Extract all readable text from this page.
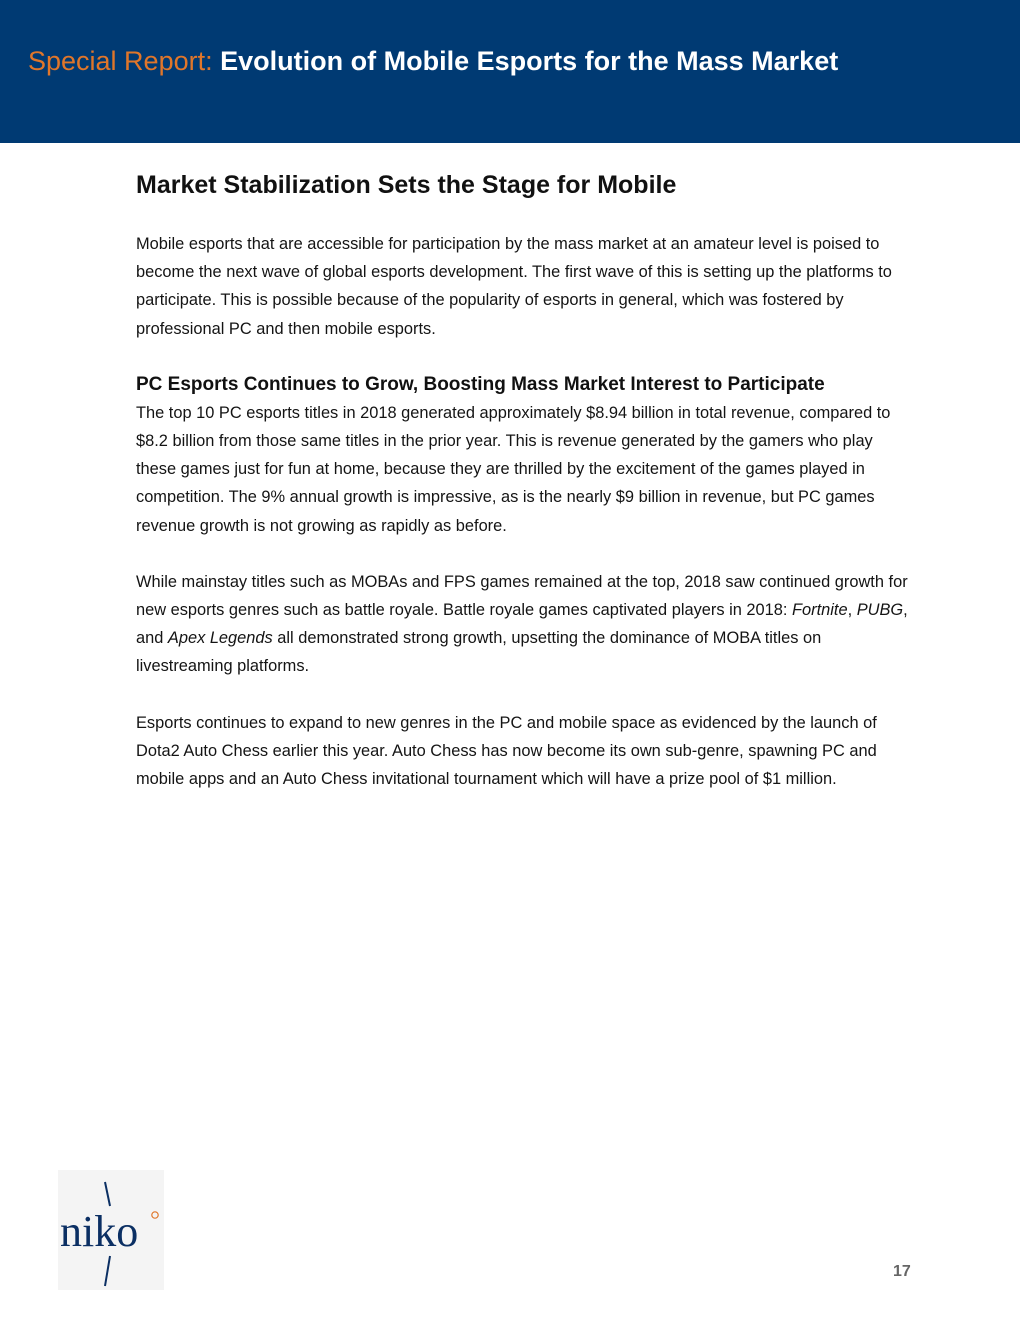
Special Report: Evolution of Mobile Esports for the Mass Market
Market Stabilization Sets the Stage for Mobile

Mobile esports that are accessible for participation by the mass market at an amateur level is poised to become the next wave of global esports development. The first wave of this is setting up the platforms to participate. This is possible because of the popularity of esports in general, which was fostered by professional PC and then mobile esports.

PC Esports Continues to Grow, Boosting Mass Market Interest to Participate

The top 10 PC esports titles in 2018 generated approximately $8.94 billion in total revenue, compared to $8.2 billion from those same titles in the prior year. This is revenue generated by the gamers who play these games just for fun at home, because they are thrilled by the excitement of the games played in competition. The 9% annual growth is impressive, as is the nearly $9 billion in revenue, but PC games revenue growth is not growing as rapidly as before.

While mainstay titles such as MOBAs and FPS games remained at the top, 2018 saw continued growth for new esports genres such as battle royale. Battle royale games captivated players in 2018: Fortnite, PUBG, and Apex Legends all demonstrated strong growth, upsetting the dominance of MOBA titles on livestreaming platforms.

Esports continues to expand to new genres in the PC and mobile space as evidenced by the launch of Dota2 Auto Chess earlier this year. Auto Chess has now become its own sub-genre, spawning PC and mobile apps and an Auto Chess invitational tournament which will have a prize pool of $1 million.

niko
17
